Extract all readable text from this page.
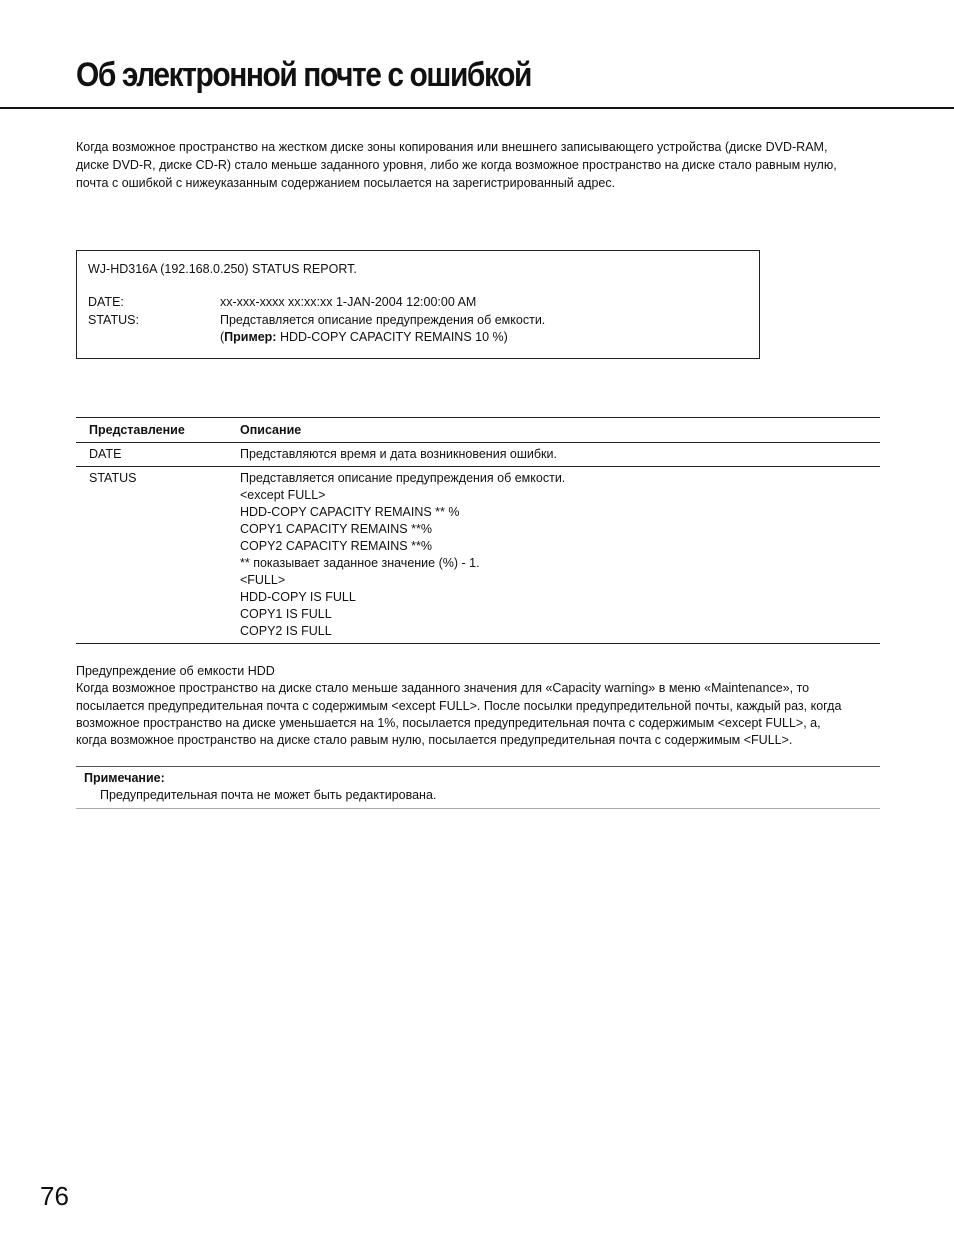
Об электронной почте с ошибкой
Когда возможное пространство на жестком диске зоны копирования или внешнего записывающего устройства (диске DVD-RAM,
диске DVD-R, диске CD-R) стало меньше заданного уровня, либо же когда возможное пространство на диске стало равным нулю,
почта с ошибкой с нижеуказанным содержанием посылается на зарегистрированный адрес.
WJ-HD316A (192.168.0.250) STATUS REPORT.
DATE:	xx-xxx-xxxx xx:xx:xx 1-JAN-2004 12:00:00 AM
STATUS:	Представляется описание предупреждения об емкости.
(Пример: HDD-COPY CAPACITY REMAINS 10 %)
Представление	Описание
DATE	Представляются время и дата возникновения ошибки.
STATUS	Представляется описание предупреждения об емкости.
<except FULL>
HDD-COPY CAPACITY REMAINS ** %
COPY1 CAPACITY REMAINS **%
COPY2 CAPACITY REMAINS **%
** показывает заданное значение (%) - 1.
<FULL>
HDD-COPY IS FULL
COPY1 IS FULL
COPY2 IS FULL
Предупреждение об емкости HDD
Когда возможное пространство на диске стало меньше заданного значения для «Capacity warning» в меню «Maintenance», то
посылается предупредительная почта с содержимым <except FULL>. После посылки предупредительной почты, каждый раз, когда
возможное пространство на диске уменьшается на 1%, посылается предупредительная почта с содержимым <except FULL>, а,
когда возможное пространство на диске стало равым нулю, посылается предупредительная почта с содержимым <FULL>.
Примечание:
Предупредительная почта не может быть редактирована.
76
